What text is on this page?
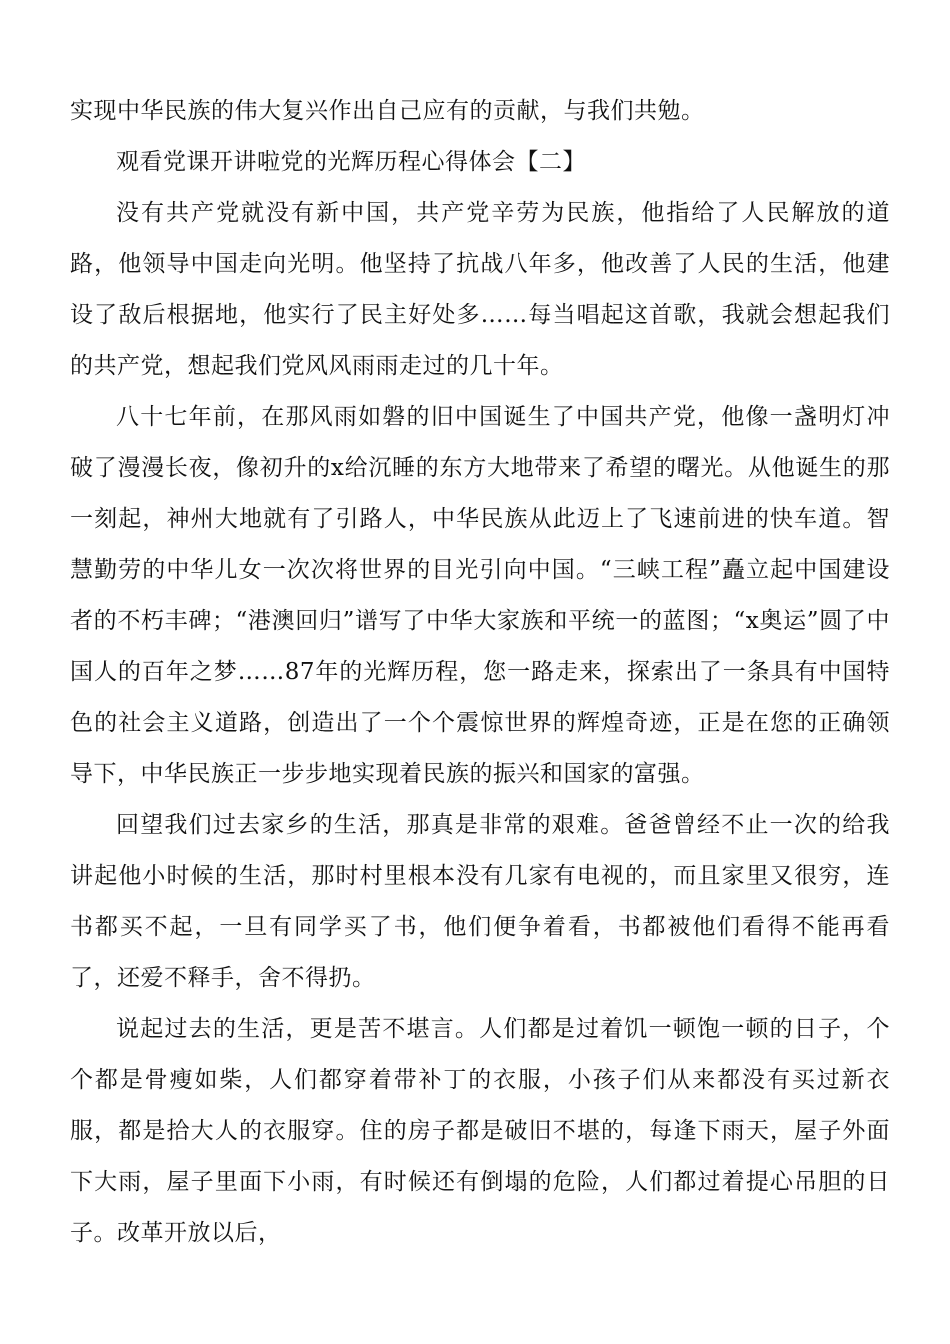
实现中华民族的伟大复兴作出自己应有的贡献，与我们共勉。

观看党课开讲啦党的光辉历程心得体会【二】

没有共产党就没有新中国，共产党辛劳为民族，他指给了人民解放的道路，他领导中国走向光明。他坚持了抗战八年多，他改善了人民的生活，他建设了敌后根据地，他实行了民主好处多……每当唱起这首歌，我就会想起我们的共产党，想起我们党风风雨雨走过的几十年。

八十七年前，在那风雨如磐的旧中国诞生了中国共产党，他像一盏明灯冲破了漫漫长夜，像初升的x给沉睡的东方大地带来了希望的曙光。从他诞生的那一刻起，神州大地就有了引路人，中华民族从此迈上了飞速前进的快车道。智慧勤劳的中华儿女一次次将世界的目光引向中国。“三峡工程”矗立起中国建设者的不朽丰碑；“港澳回归”谱写了中华大家族和平统一的蓝图；“x奥运”圆了中国人的百年之梦……87年的光辉历程，您一路走来，探索出了一条具有中国特色的社会主义道路，创造出了一个个震惊世界的辉煌奇迹，正是在您的正确领导下，中华民族正一步步地实现着民族的振兴和国家的富强。

回望我们过去家乡的生活，那真是非常的艰难。爸爸曾经不止一次的给我讲起他小时候的生活，那时村里根本没有几家有电视的，而且家里又很穷，连书都买不起，一旦有同学买了书，他们便争着看，书都被他们看得不能再看了，还爱不释手，舍不得扔。

说起过去的生活，更是苦不堪言。人们都是过着饥一顿饱一顿的日子，个个都是骨瘦如柴，人们都穿着带补丁的衣服，小孩子们从来都没有买过新衣服，都是拾大人的衣服穿。住的房子都是破旧不堪的，每逢下雨天，屋子外面下大雨，屋子里面下小雨，有时候还有倒塌的危险，人们都过着提心吊胆的日子。改革开放以后，
